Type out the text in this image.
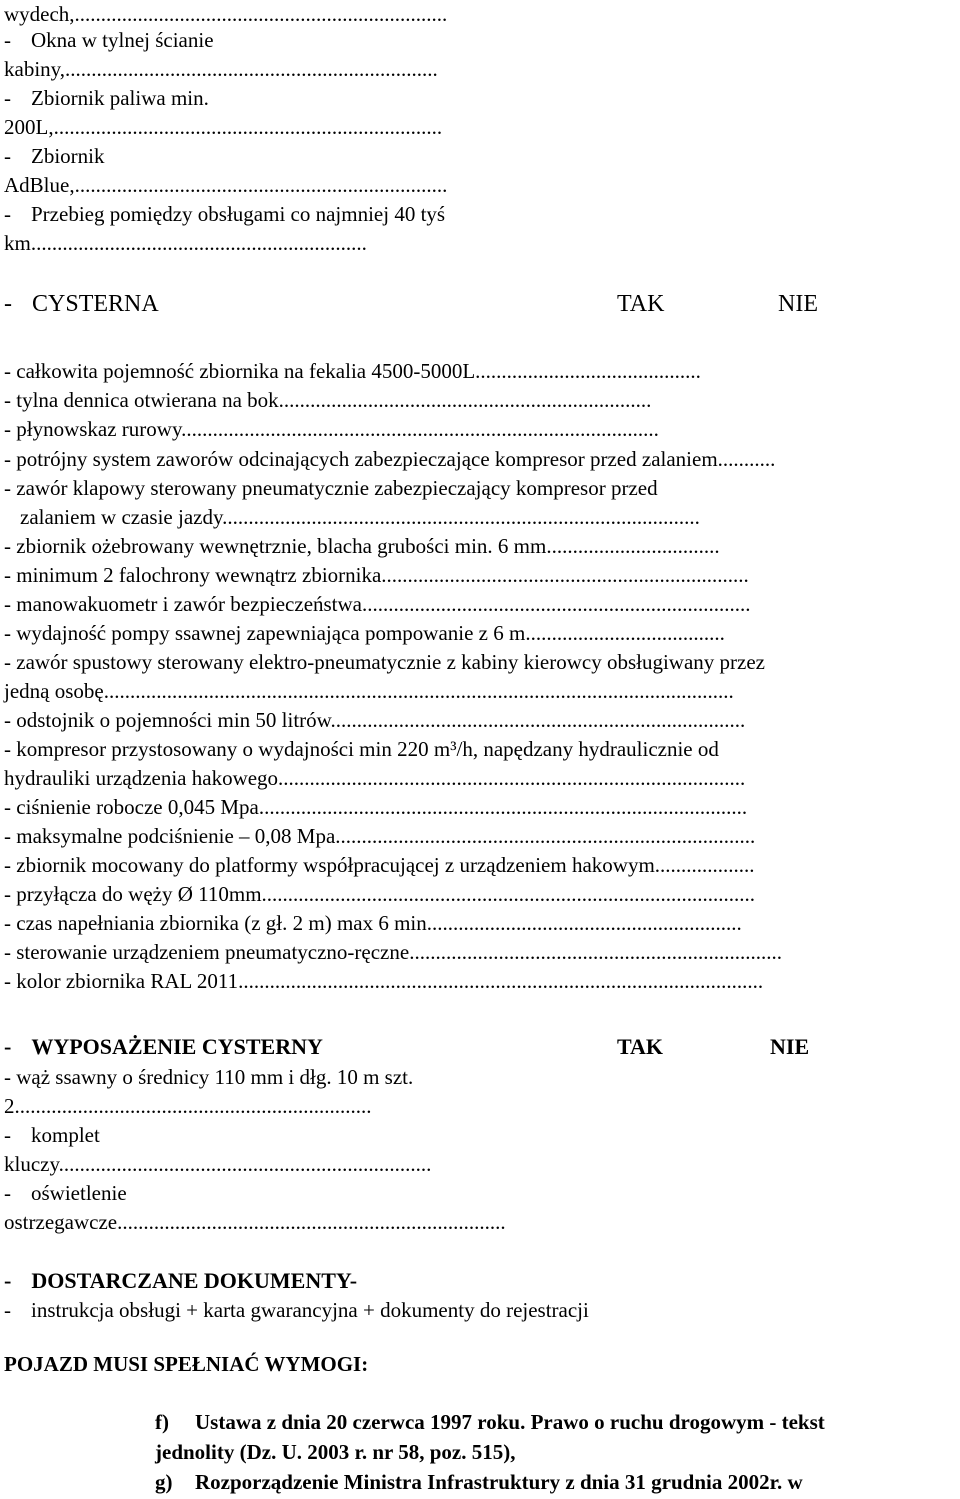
wydech,.......................................................................
- Okna w tylnej ścianie
kabiny,.......................................................................
- Zbiornik paliwa min.
200L,..........................................................................
- Zbiornik
AdBlue,.......................................................................
- Przebieg pomiędzy obsługami co najmniej 40 tyś
km................................................................
- CYSTERNA	TAK	NIE
- całkowita pojemność zbiornika na fekalia 4500-5000L...........................................
- tylna dennica otwierana na bok.......................................................................
- płynowskaz rurowy...........................................................................................
- potrójny system zaworów odcinających zabezpieczające kompresor przed zalaniem...........
- zawór klapowy sterowany pneumatycznie zabezpieczający kompresor przed
zalaniem w czasie jazdy...........................................................................................
- zbiornik ożebrowany wewnętrznie, blacha grubości min. 6 mm.................................
- minimum 2 falochrony wewnątrz zbiornika......................................................................
- manowakuometr i zawór bezpieczeństwa..........................................................................
- wydajność pompy ssawnej zapewniająca pompowanie z 6 m......................................
- zawór spustowy sterowany elektro-pneumatycznie z kabiny kierowcy obsługiwany przez
jedną osobę........................................................................................................................
- odstojnik o pojemności min 50 litrów...............................................................................
- kompresor przystosowany o wydajności min 220 m³/h, napędzany hydraulicznie od
hydrauliki urządzenia hakowego.........................................................................................
- ciśnienie robocze 0,045 Mpa.............................................................................................
- maksymalne podciśnienie – 0,08 Mpa................................................................................
- zbiornik mocowany do platformy współpracującej z urządzeniem hakowym...................
- przyłącza do węży Ø 110mm..............................................................................................
- czas napełniania zbiornika (z gł. 2 m) max 6 min............................................................
- sterowanie urządzeniem pneumatyczno-ręczne.......................................................................
- kolor zbiornika RAL 2011....................................................................................................
- WYPOSAŻENIE CYSTERNY	TAK	NIE
- wąż ssawny o średnicy 110 mm i dłg. 10 m szt.
2....................................................................
- komplet
kluczy.......................................................................
- oświetlenie
ostrzegawcze..........................................................................
- DOSTARCZANE DOKUMENTY-
- instrukcja obsługi + karta gwarancyjna + dokumenty do rejestracji
POJAZD MUSI SPEŁNIAĆ WYMOGI:
f) Ustawa z dnia 20 czerwca 1997 roku. Prawo o ruchu drogowym - tekst
jednolity (Dz. U. 2003 r. nr 58, poz. 515),
g) Rozporządzenie Ministra Infrastruktury z dnia 31 grudnia 2002r. w
